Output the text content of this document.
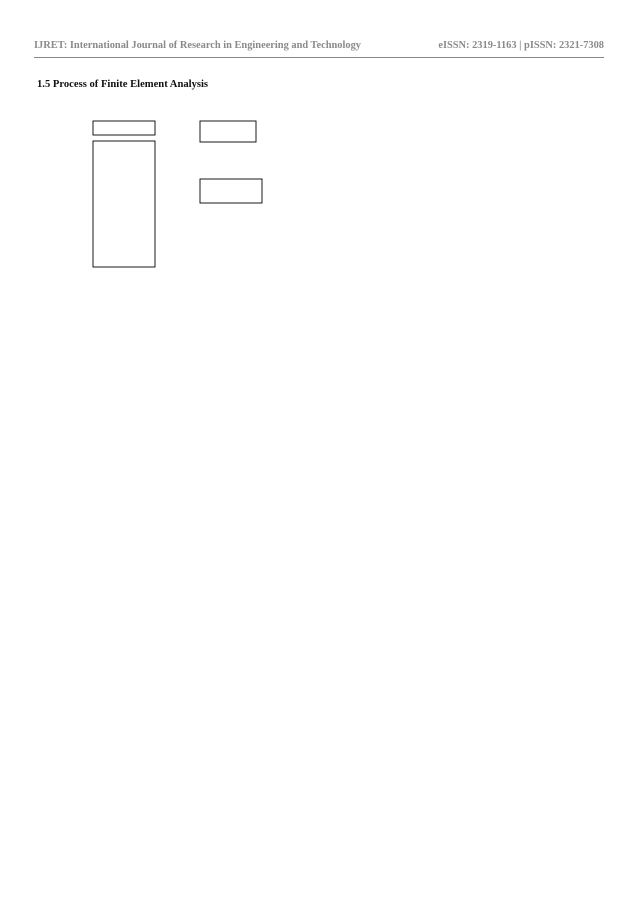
IJRET: International Journal of Research in Engineering and Technology	eISSN: 2319-1163 | pISSN: 2321-7308
1.5 Process of Finite Element Analysis
